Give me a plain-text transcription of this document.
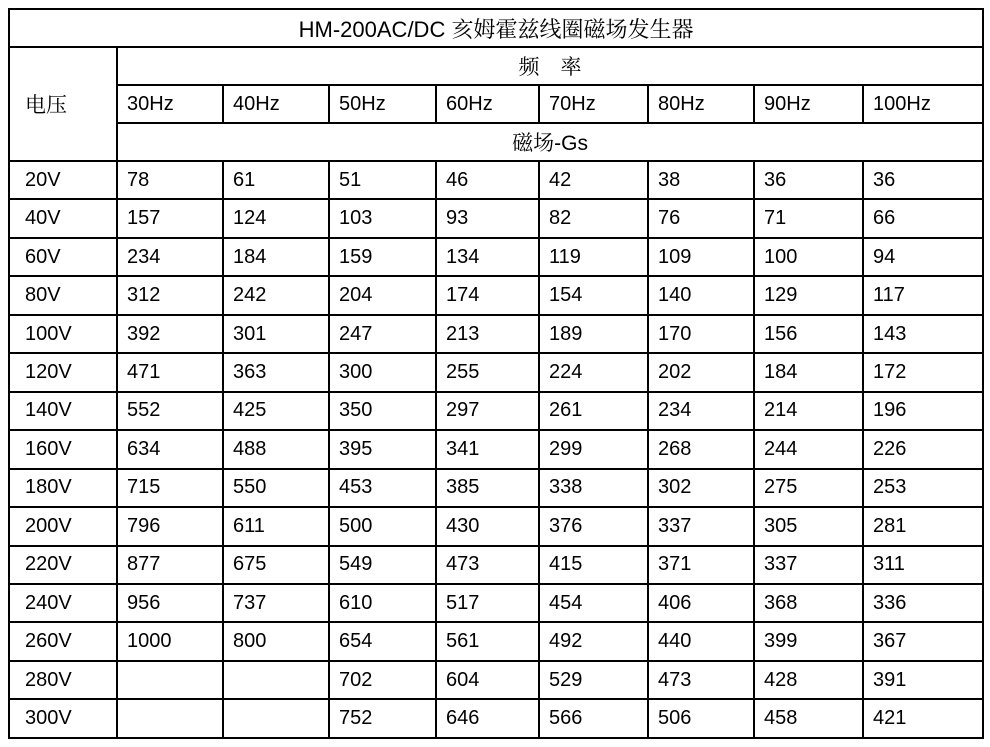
HM-200AC/DC 亥姆霍兹线圈磁场发生器								
电压	频　率							
	30Hz	40Hz	50Hz	60Hz	70Hz	80Hz	90Hz	100Hz
	磁场-Gs							
20V	78	61	51	46	42	38	36	36
40V	157	124	103	93	82	76	71	66
60V	234	184	159	134	119	109	100	94
80V	312	242	204	174	154	140	129	117
100V	392	301	247	213	189	170	156	143
120V	471	363	300	255	224	202	184	172
140V	552	425	350	297	261	234	214	196
160V	634	488	395	341	299	268	244	226
180V	715	550	453	385	338	302	275	253
200V	796	611	500	430	376	337	305	281
220V	877	675	549	473	415	371	337	311
240V	956	737	610	517	454	406	368	336
260V	1000	800	654	561	492	440	399	367
280V			702	604	529	473	428	391
300V			752	646	566	506	458	421
